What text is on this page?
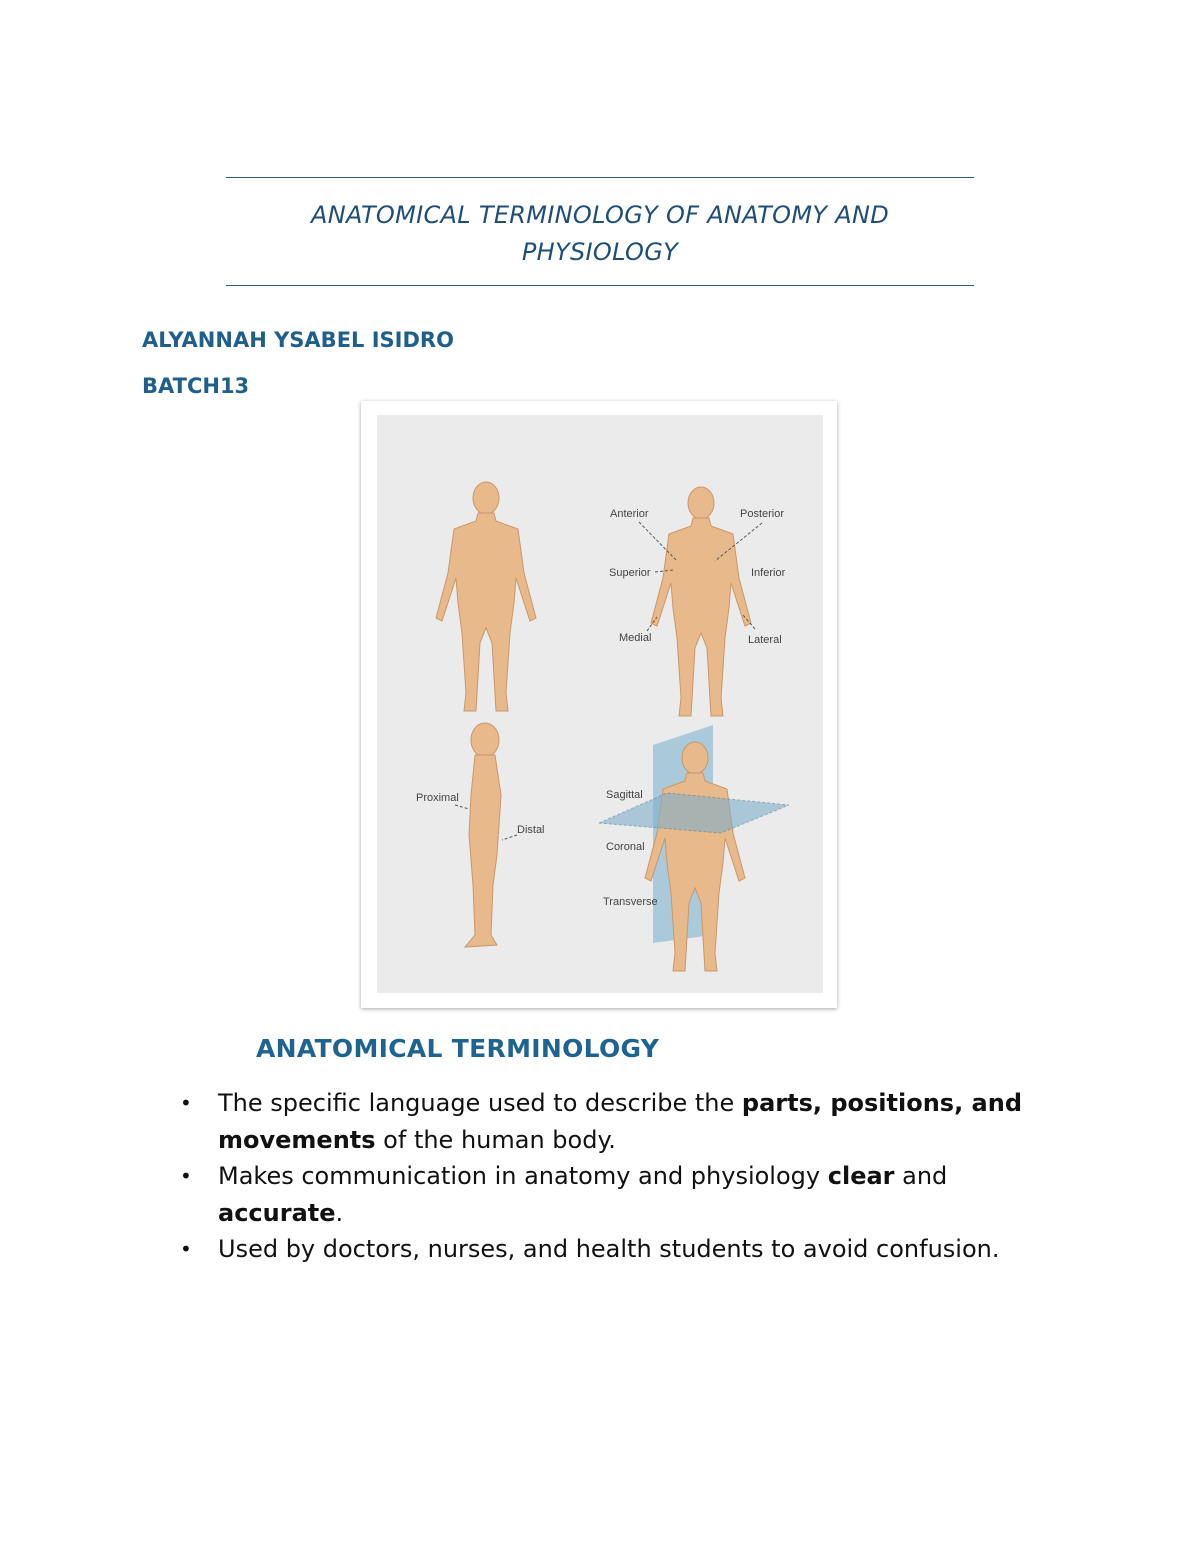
ANATOMICAL TERMINOLOGY OF ANATOMY AND
PHYSIOLOGY
ALYANNAH YSABEL ISIDRO
BATCH13
Anterior	Posterior
Superior	Inferior
Medial	Lateral
Proximal
Distal
Sagittal
Coronal
Transverse
ANATOMICAL TERMINOLOGY
• The specific language used to describe the parts, positions, and movements of the human body.
• Makes communication in anatomy and physiology clear and accurate.
• Used by doctors, nurses, and health students to avoid confusion.
